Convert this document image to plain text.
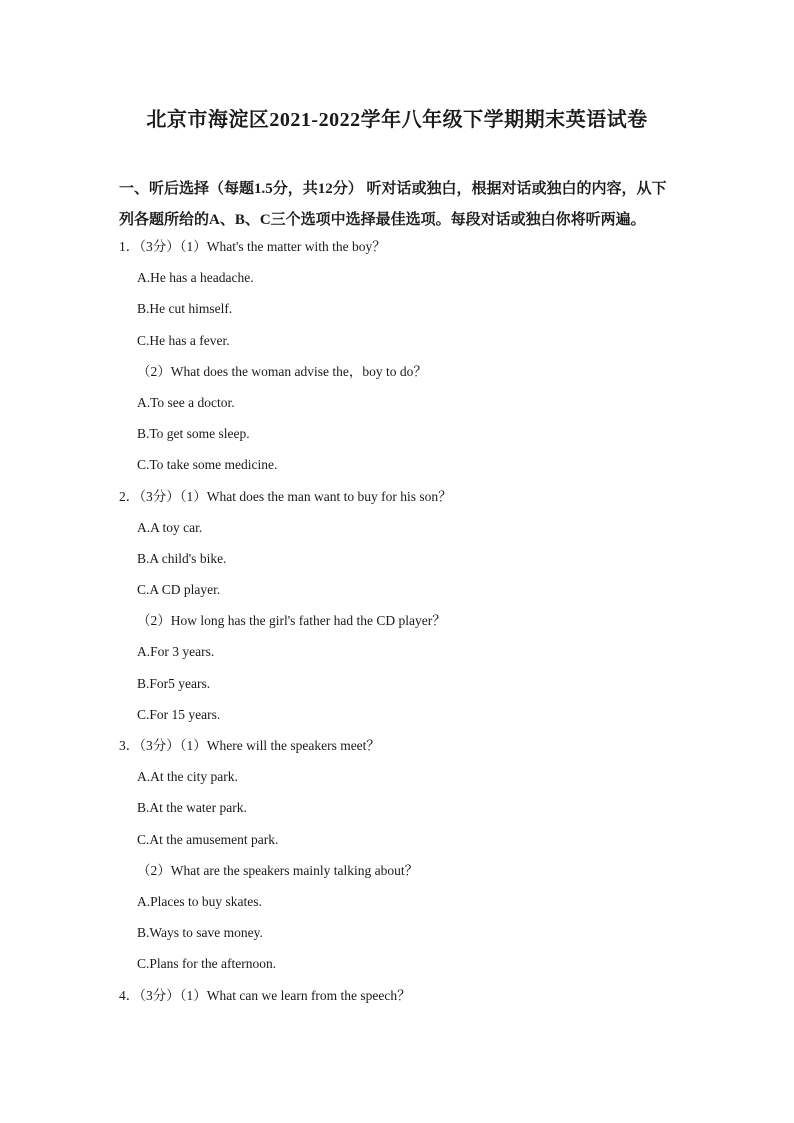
北京市海淀区2021-2022学年八年级下学期期末英语试卷
一、听后选择（每题1.5分，共12分） 听对话或独白，根据对话或独白的内容，从下列各题所给的A、B、C三个选项中选择最佳选项。每段对话或独白你将听两遍。
1．（3分）（1）What's the matter with the boy？
A.He has a headache.
B.He cut himself.
C.He has a fever.
（2）What does the woman advise the，boy to do？
A.To see a doctor.
B.To get some sleep.
C.To take some medicine.
2．（3分）（1）What does the man want to buy for his son？
A.A toy car.
B.A child's bike.
C.A CD player.
（2）How long has the girl's father had the CD player？
A.For 3 years.
B.For5 years.
C.For 15 years.
3．（3分）（1）Where will the speakers meet？
A.At the city park.
B.At the water park.
C.At the amusement park.
（2）What are the speakers mainly talking about？
A.Places to buy skates.
B.Ways to save money.
C.Plans for the afternoon.
4．（3分）（1）What can we learn from the speech？
